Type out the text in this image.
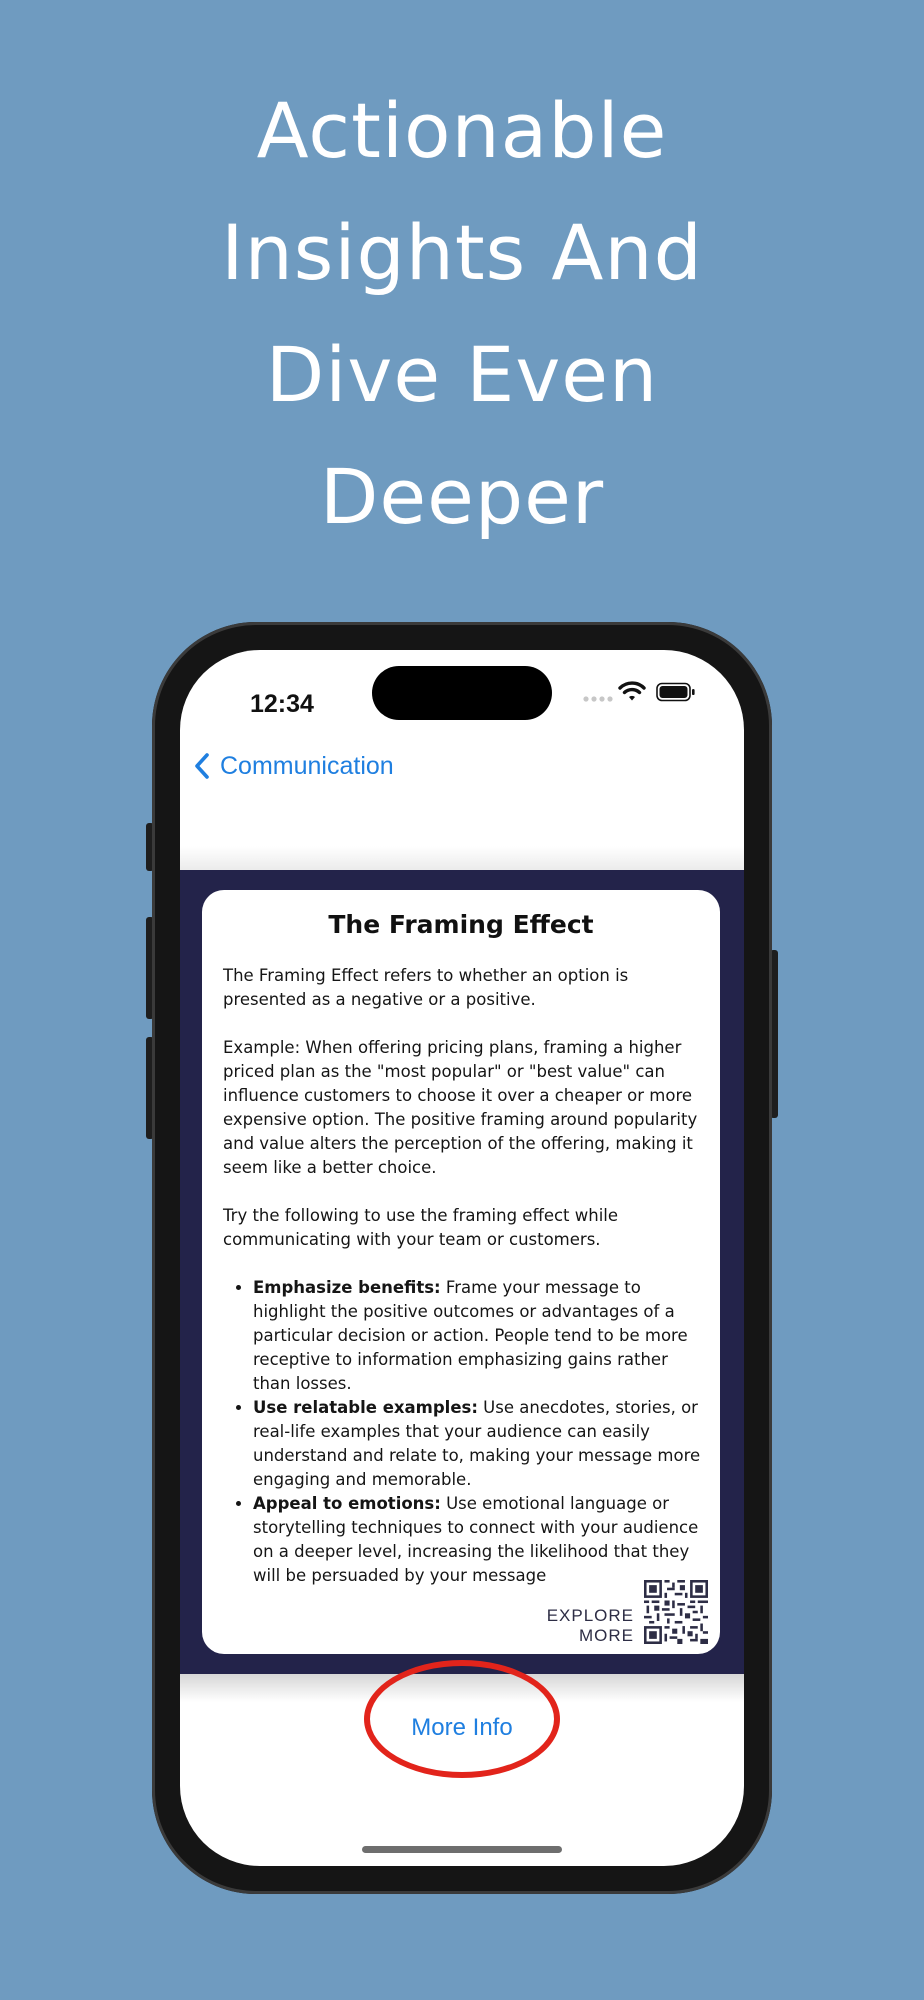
Actionable
Insights And
Dive Even
Deeper
12:34
Communication
The Framing Effect

The Framing Effect refers to whether an option is presented as a negative or a positive.

Example: When offering pricing plans, framing a higher priced plan as the "most popular" or "best value" can influence customers to choose it over a cheaper or more expensive option. The positive framing around popularity and value alters the perception of the offering, making it seem like a better choice.

Try the following to use the framing effect while communicating with your team or customers.

• Emphasize benefits: Frame your message to highlight the positive outcomes or advantages of a particular decision or action. People tend to be more receptive to information emphasizing gains rather than losses.
• Use relatable examples: Use anecdotes, stories, or real-life examples that your audience can easily understand and relate to, making your message more engaging and memorable.
• Appeal to emotions: Use emotional language or storytelling techniques to connect with your audience on a deeper level, increasing the likelihood that they will be persuaded by your message
EXPLORE
MORE
More Info
